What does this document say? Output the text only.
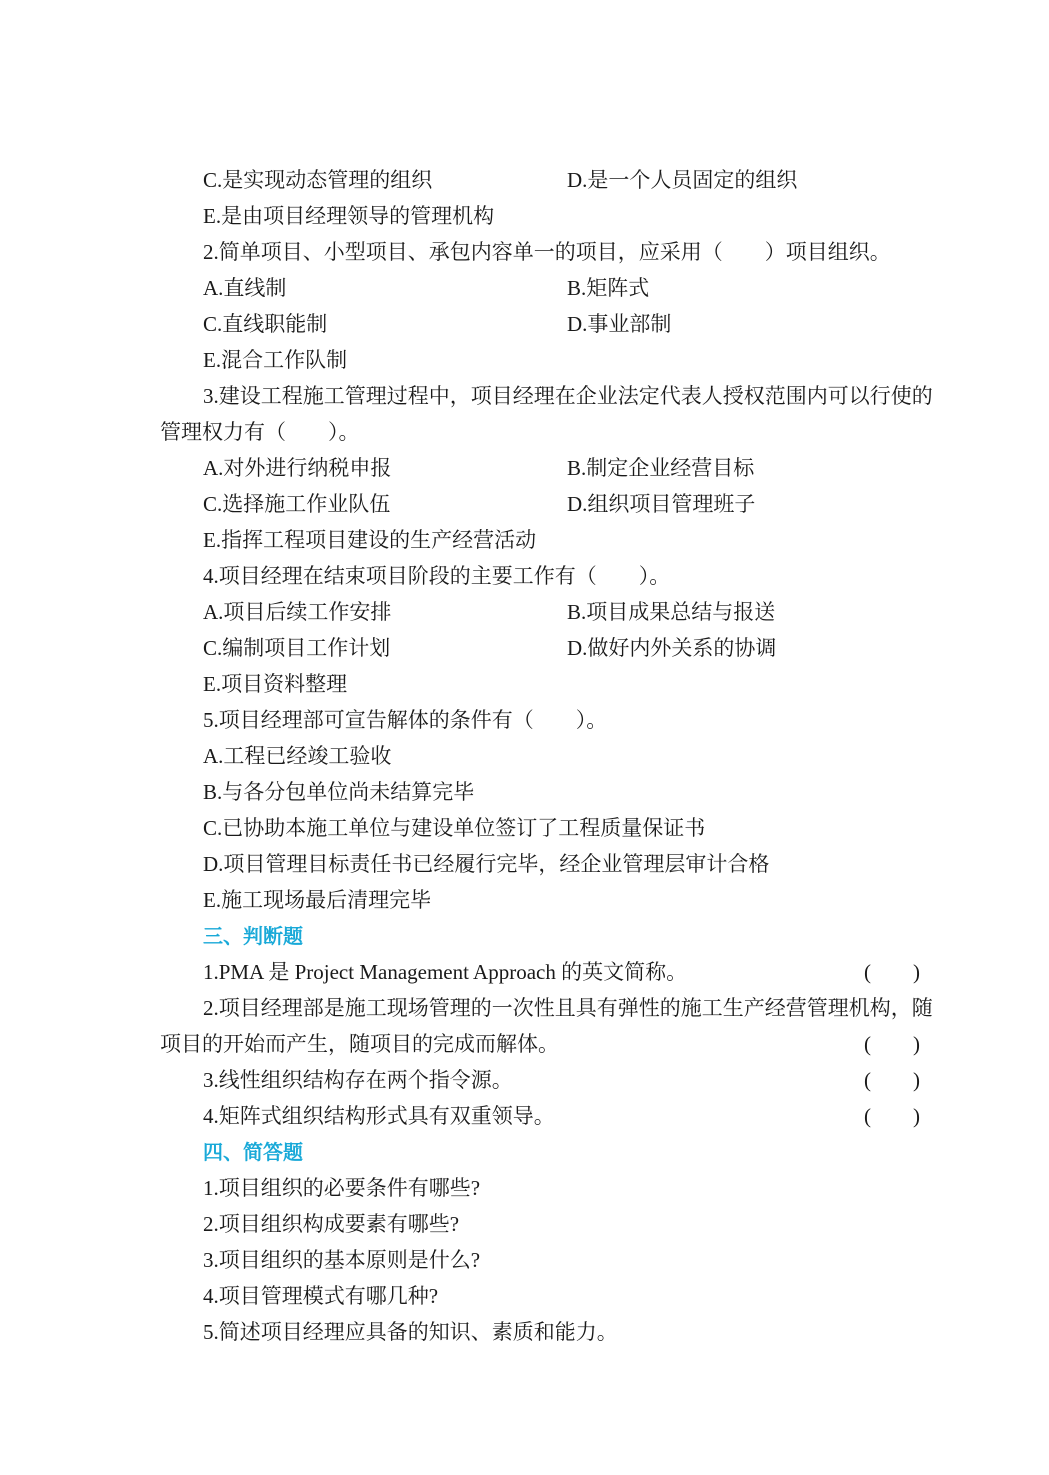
C.是实现动态管理的组织	D.是一个人员固定的组织
E.是由项目经理领导的管理机构
2.简单项目、小型项目、承包内容单一的项目，应采用（　　）项目组织。
A.直线制	B.矩阵式
C.直线职能制	D.事业部制
E.混合工作队制
3.建设工程施工管理过程中，项目经理在企业法定代表人授权范围内可以行使的
管理权力有（　　）。
A.对外进行纳税申报	B.制定企业经营目标
C.选择施工作业队伍	D.组织项目管理班子
E.指挥工程项目建设的生产经营活动
4.项目经理在结束项目阶段的主要工作有（　　）。
A.项目后续工作安排	B.项目成果总结与报送
C.编制项目工作计划	D.做好内外关系的协调
E.项目资料整理
5.项目经理部可宣告解体的条件有（　　）。
A.工程已经竣工验收
B.与各分包单位尚未结算完毕
C.已协助本施工单位与建设单位签订了工程质量保证书
D.项目管理目标责任书已经履行完毕，经企业管理层审计合格
E.施工现场最后清理完毕
三、判断题
1.PMA 是 Project Management Approach 的英文简称。	(　　)
2.项目经理部是施工现场管理的一次性且具有弹性的施工生产经营管理机构，随
项目的开始而产生，随项目的完成而解体。	(　　)
3.线性组织结构存在两个指令源。	(　　)
4.矩阵式组织结构形式具有双重领导。	(　　)
四、简答题
1.项目组织的必要条件有哪些?
2.项目组织构成要素有哪些?
3.项目组织的基本原则是什么?
4.项目管理模式有哪几种?
5.简述项目经理应具备的知识、素质和能力。
